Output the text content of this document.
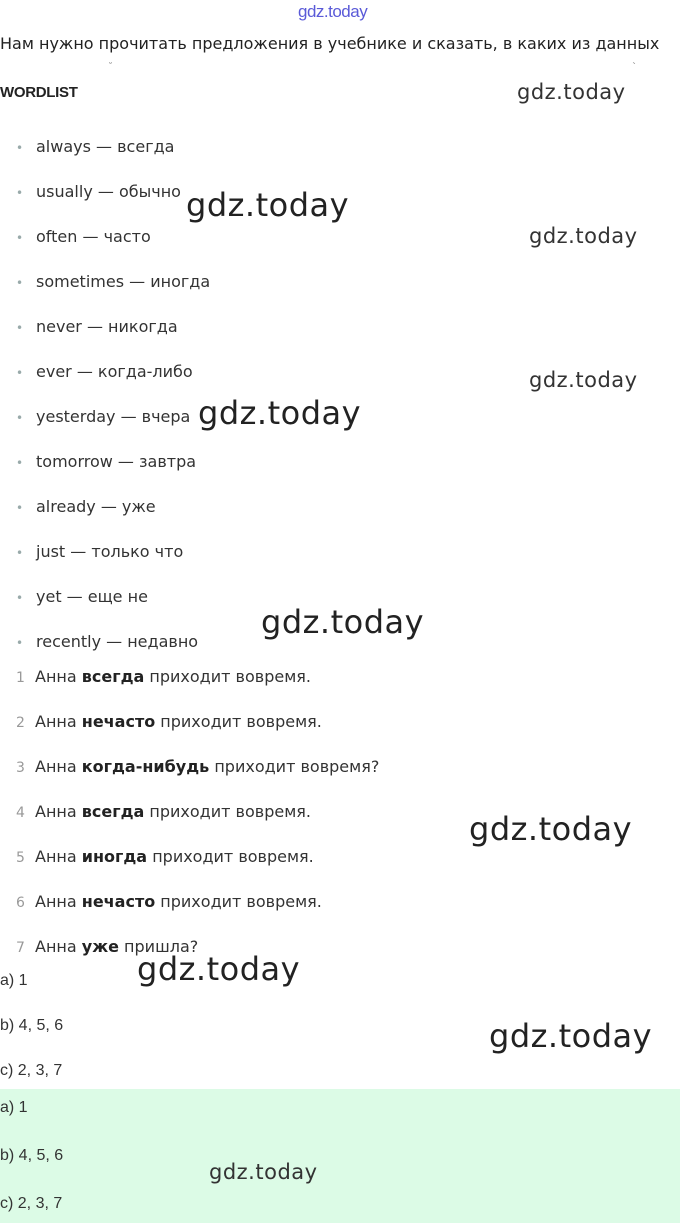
gdz.today
Нам нужно прочитать предложения в учебнике и сказать, в каких из данных
˘	`
WORDLIST
• always — всегда
• usually — обычно
• often — часто
• sometimes — иногда
• never — никогда
• ever — когда-либо
• yesterday — вчера
• tomorrow — завтра
• already — уже
• just — только что
• yet — еще не
• recently — недавно
1 Анна всегда приходит вовремя.
2 Анна нечасто приходит вовремя.
3 Анна когда-нибудь приходит вовремя?
4 Анна всегда приходит вовремя.
5 Анна иногда приходит вовремя.
6 Анна нечасто приходит вовремя.
7 Анна уже пришла?
a) 1
b) 4, 5, 6
c) 2, 3, 7
a) 1
b) 4, 5, 6
c) 2, 3, 7
gdz.today
gdz.today
gdz.today
gdz.today
gdz.today
gdz.today
gdz.today
gdz.today
gdz.today
gdz.today
